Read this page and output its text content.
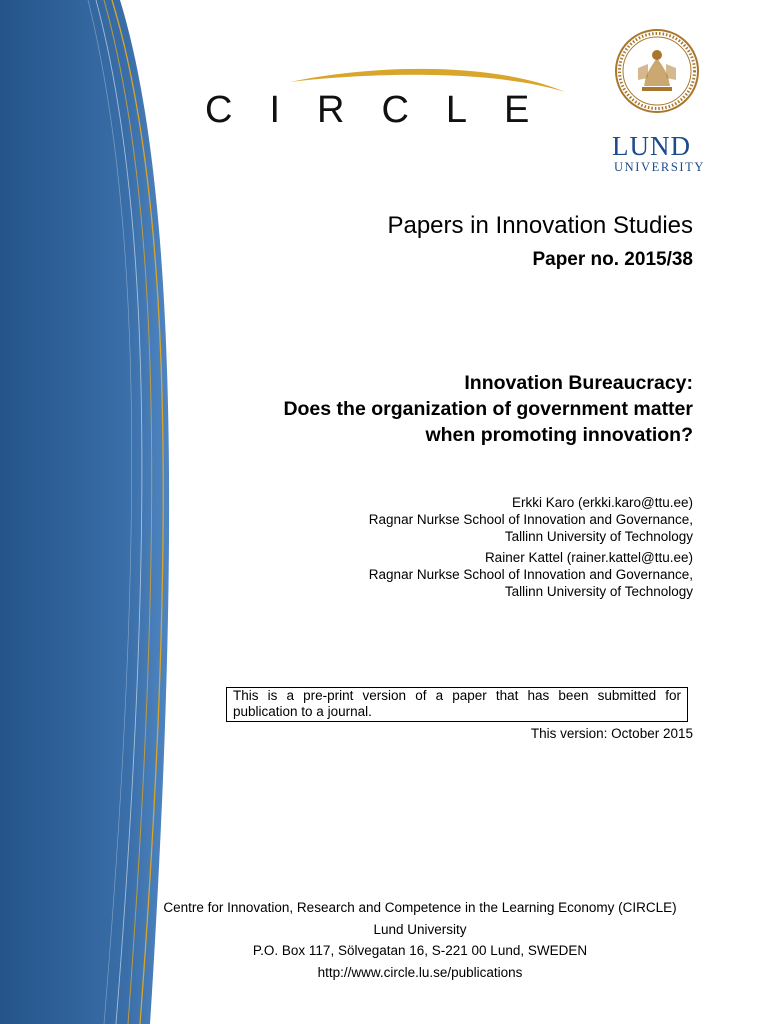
CIRCLE
LUND
UNIVERSITY
Papers in Innovation Studies
Paper no. 2015/38
Innovation Bureaucracy:
Does the organization of government matter
when promoting innovation?
Erkki Karo (erkki.karo@ttu.ee)
Ragnar Nurkse School of Innovation and Governance,
Tallinn University of Technology
Rainer Kattel (rainer.kattel@ttu.ee)
Ragnar Nurkse School of Innovation and Governance,
Tallinn University of Technology
This is a pre-print version of a paper that has been submitted for publication to a journal.
This version: October 2015
Centre for Innovation, Research and Competence in the Learning Economy (CIRCLE)
Lund University
P.O. Box 117, Sölvegatan 16, S-221 00 Lund, SWEDEN
http://www.circle.lu.se/publications
